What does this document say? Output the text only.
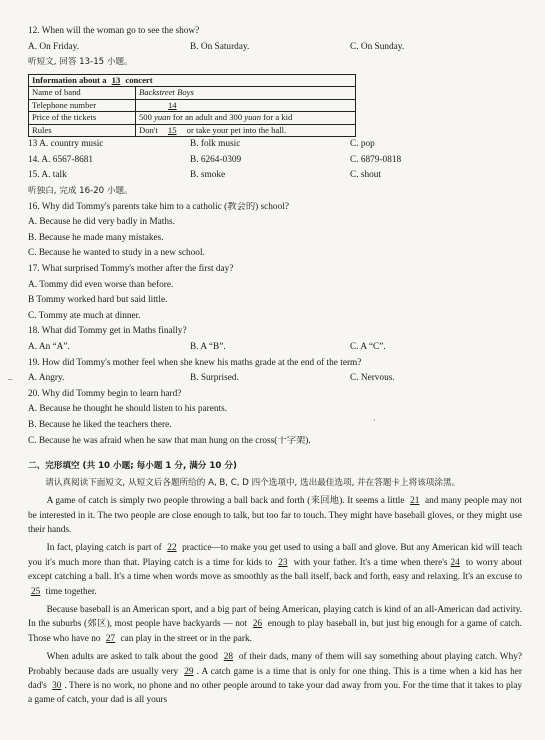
12. When will the woman go to see the show?
A. On Friday.	B. On Saturday.	C. On Sunday.
听短文, 回答 13-15 小题。
Information about a 13 concert	
Name of band	Backstreet Boys
Telephone number	14
Price of the tickets	500 yuan for an adult and 300 yuan for a kid
Rules	Don't 15 or take your pet into the hall.
13 A. country music	B. folk music	C. pop
14. A. 6567-8681	B. 6264-0309	C. 6879-0818
15. A. talk	B. smoke	C. shout
听独白, 完成 16-20 小题。
16. Why did Tommy's parents take him to a catholic (教会的) school?
A. Because he did very badly in Maths.
B. Because he made many mistakes.
C. Because he wanted to study in a new school.
17. What surprised Tommy's mother after the first day?
A. Tommy did even worse than before.
B Tommy worked hard but said little.
C. Tommy ate much at dinner.
18. What did Tommy get in Maths finally?
A. An “A”.	B. A “B”.	C. A “C”.
19. How did Tommy's mother feel when she knew his maths grade at the end of the term?
A. Angry.	B. Surprised.	C. Nervous.
20. Why did Tommy begin to learn hard?
A. Because he thought he should listen to his parents.
B. Because he liked the teachers there.
C. Because he was afraid when he saw that man hung on the cross(十字架).
二、完形填空 (共 10 小题; 每小题 1 分, 满分 10 分)

请认真阅读下面短文, 从短文后各题所给的 A, B, C, D 四个选项中, 选出最佳选项, 并在答题卡上将该项涂黑。

A game of catch is simply two people throwing a ball back and forth (来回地). It seems a little 21 and many people may not be interested in it. The two people are close enough to talk, but too far to touch. They might have baseball gloves, or they might use their hands.

In fact, playing catch is part of 22 practice—to make you get used to using a ball and glove. But any American kid will teach you it's much more than that. Playing catch is a time for kids to 23 with your father. It's a time when there's 24 to worry about except catching a ball. It's a time when words move as smoothly as the ball itself, back and forth, easy and relaxing. It's an excuse to 25 time together.

Because baseball is an American sport, and a big part of being American, playing catch is kind of an all-American dad activity. In the suburbs (郊区), most people have backyards — not 26 enough to play baseball in, but just big enough for a game of catch. Those who have no 27 can play in the street or in the park.

When adults are asked to talk about the good 28 of their dads, many of them will say something about playing catch. Why? Probably because dads are usually very 29 . A catch game is a time that is only for one thing. This is a time when a kid has her dad's 30 . There is no work, no phone and no other people around to take your dad away from you. For the time that it takes to play a game of catch, your dad is all yours

–
'
